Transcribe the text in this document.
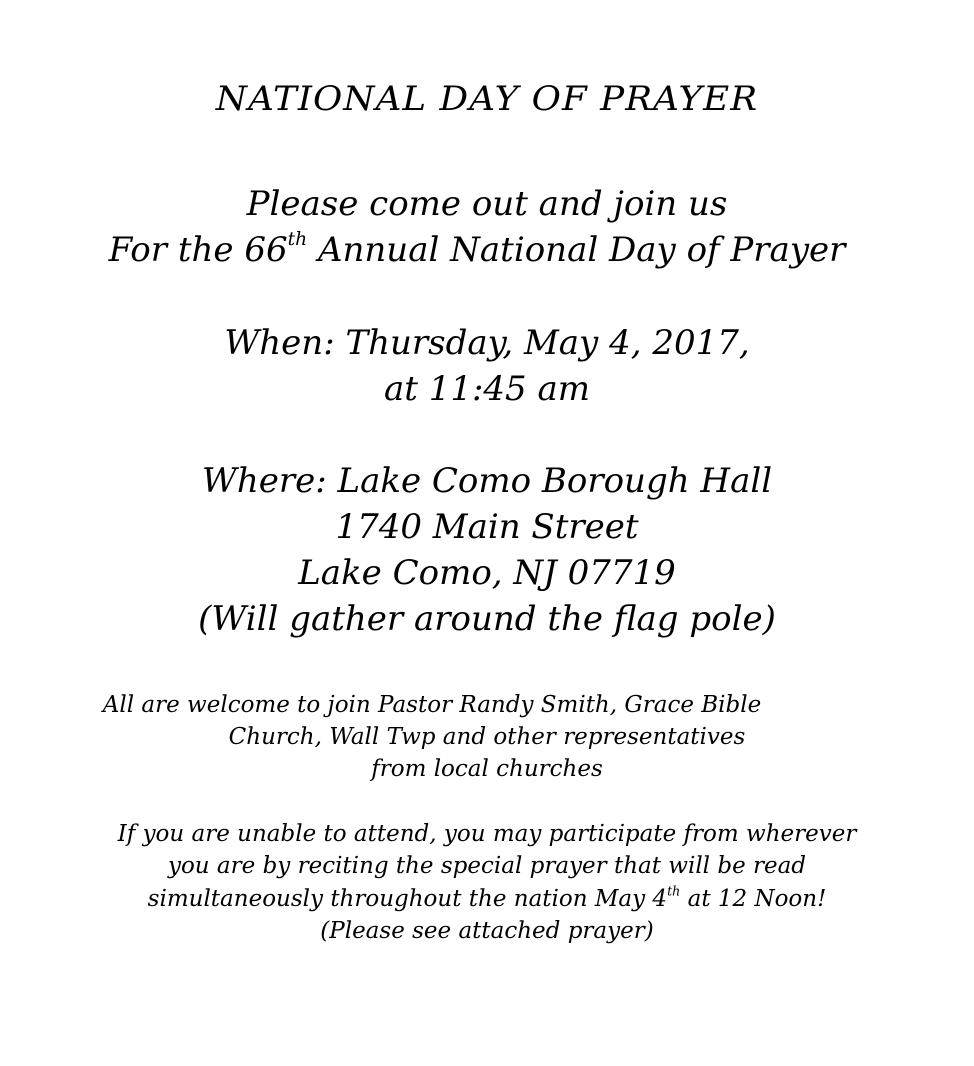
NATIONAL DAY OF PRAYER
Please come out and join us
For the 66th Annual National Day of Prayer
When: Thursday, May 4, 2017,
at 11:45 am
Where: Lake Como Borough Hall
1740 Main Street
Lake Como, NJ 07719
(Will gather around the flag pole)
All are welcome to join Pastor Randy Smith, Grace Bible
Church, Wall Twp and other representatives
from local churches
If you are unable to attend, you may participate from wherever
you are by reciting the special prayer that will be read
simultaneously throughout the nation May 4th at 12 Noon!
(Please see attached prayer)
